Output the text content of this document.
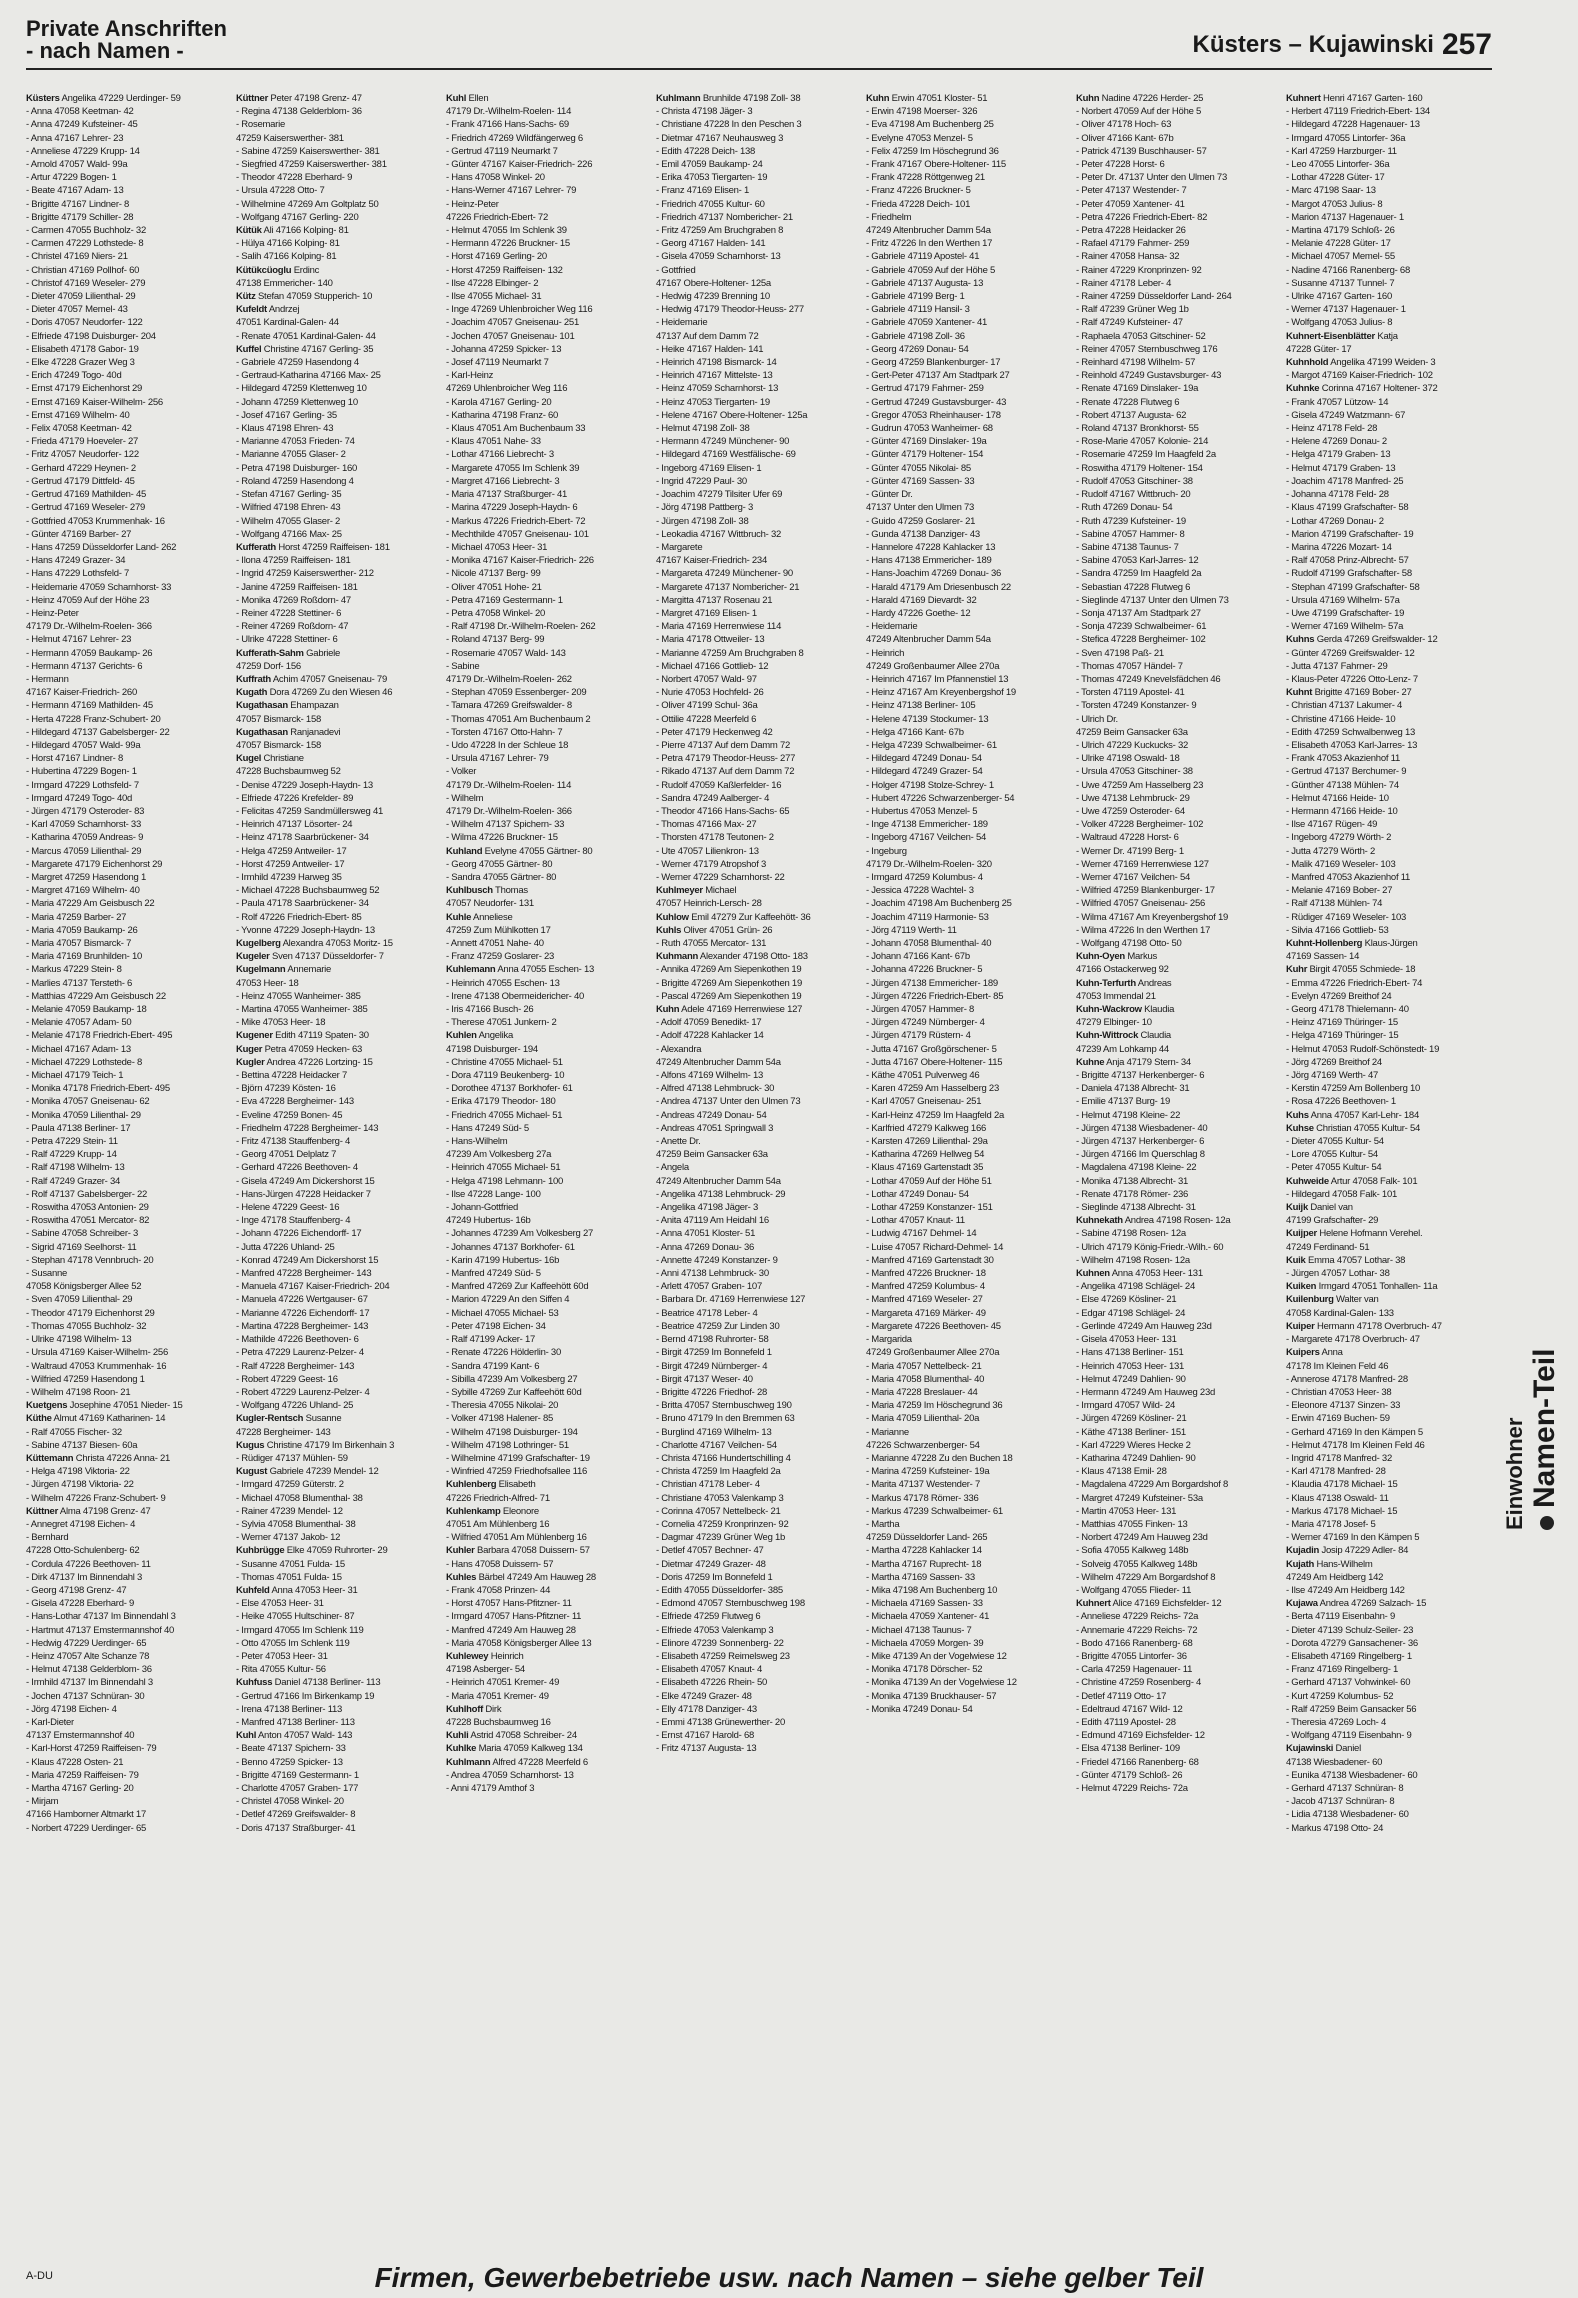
Private Anschriften
- nach Namen -	Küsters – Kujawinski 257
Küsters Angelika 47229 Uerdinger- 59
- Anna 47058 Keetman- 42
- Anna 47249 Kufsteiner- 45
- Anna 47167 Lehrer- 23
- Anneliese 47229 Krupp- 14
- Arnold 47057 Wald- 99a
- Artur 47229 Bogen- 1
- Beate 47167 Adam- 13
- Brigitte 47167 Lindner- 8
- Brigitte 47179 Schiller- 28
- Carmen 47055 Buchholz- 32
- Carmen 47229 Lothstede- 8
- Christel 47169 Niers- 21
- Christian 47169 Pollhof- 60
- Christof 47169 Weseler- 279
- Dieter 47059 Lilienthal- 29
- Dieter 47057 Memel- 43
- Doris 47057 Neudorfer- 122
- Elfriede 47198 Duisburger- 204
- Elisabeth 47178 Gabor- 19
- Elke 47228 Grazer Weg 3
- Erich 47249 Togo- 40d
- Ernst 47179 Eichenhorst 29
- Ernst 47169 Kaiser-Wilhelm- 256
- Ernst 47169 Wilhelm- 40
- Felix 47058 Keetman- 42
- Frieda 47179 Hoeveler- 27
- Fritz 47057 Neudorfer- 122
- Gerhard 47229 Heynen- 2
- Gertrud 47179 Dittfeld- 45
- Gertrud 47169 Mathilden- 45
- Gertrud 47169 Weseler- 279
- Gottfried 47053 Krummenhak- 16
- Günter 47169 Barber- 27
- Hans 47259 Düsseldorfer Land- 262
- Hans 47249 Grazer- 34
- Hans 47229 Lothsfeld- 7
- Heidemarie 47059 Scharnhorst- 33
- Heinz 47059 Auf der Höhe 23
- Heinz-Peter
47179 Dr.-Wilhelm-Roelen- 366
- Helmut 47167 Lehrer- 23
- Hermann 47059 Baukamp- 26
- Hermann 47137 Gerichts- 6
- Hermann
47167 Kaiser-Friedrich- 260
- Hermann 47169 Mathilden- 45
- Herta 47228 Franz-Schubert- 20
- Hildegard 47137 Gabelsberger- 22
- Hildegard 47057 Wald- 99a
- Horst 47167 Lindner- 8
- Hubertina 47229 Bogen- 1
- Irmgard 47229 Lothsfeld- 7
- Irmgard 47249 Togo- 40d
- Jürgen 47179 Osteroder- 83
- Karl 47059 Scharnhorst- 33
- Katharina 47059 Andreas- 9
- Marcus 47059 Lilienthal- 29
- Margarete 47179 Eichenhorst 29
- Margret 47259 Hasendong 1
- Margret 47169 Wilhelm- 40
- Maria 47229 Am Geisbusch 22
- Maria 47259 Barber- 27
- Maria 47059 Baukamp- 26
- Maria 47057 Bismarck- 7
- Maria 47169 Brunhilden- 10
- Markus 47229 Stein- 8
- Marlies 47137 Tersteth- 6
- Matthias 47229 Am Geisbusch 22
- Melanie 47059 Baukamp- 18
- Melanie 47057 Adam- 50
- Melanie 47178 Friedrich-Ebert- 495
- Michael 47167 Adam- 13
- Michael 47229 Lothstede- 8
- Michael 47179 Teich- 1
- Monika 47178 Friedrich-Ebert- 495
- Monika 47057 Gneisenau- 62
- Monika 47059 Lilienthal- 29
- Paula 47138 Berliner- 17
- Petra 47229 Stein- 11
- Ralf 47229 Krupp- 14
- Ralf 47198 Wilhelm- 13
- Ralf 47249 Grazer- 34
- Rolf 47137 Gabelsberger- 22
- Roswitha 47053 Antonien- 29
- Roswitha 47051 Mercator- 82
- Sabine 47058 Schreiber- 3
- Sigrid 47169 Seelhorst- 11
- Stephan 47178 Vennbruch- 20
- Susanne
47058 Königsberger Allee 52
- Sven 47059 Lilienthal- 29
- Theodor 47179 Eichenhorst 29
- Thomas 47055 Buchholz- 32
- Ulrike 47198 Wilhelm- 13
- Ursula 47169 Kaiser-Wilhelm- 256
- Waltraud 47053 Krummenhak- 16
- Wilfried 47259 Hasendong 1
- Wilhelm 47198 Roon- 21
Kuetgens Josephine 47051 Nieder- 15
Küthe Almut 47169 Katharinen- 14
- Ralf 47055 Fischer- 32
- Sabine 47137 Biesen- 60a
Küttemann Christa 47226 Anna- 21
- Helga 47198 Viktoria- 22
- Jürgen 47198 Viktoria- 22
- Wilhelm 47226 Franz-Schubert- 9
Küttner Alma 47198 Grenz- 47
- Annegret 47198 Eichen- 4
- Bernhard
47228 Otto-Schulenberg- 62
- Cordula 47226 Beethoven- 11
- Dirk 47137 Im Binnendahl 3
- Georg 47198 Grenz- 47
- Gisela 47228 Eberhard- 9
- Hans-Lothar 47137 Im Binnendahl 3
- Hartmut 47137 Emstermannshof 40
- Hedwig 47229 Uerdinger- 65
- Heinz 47057 Alte Schanze 78
- Helmut 47138 Gelderblom- 36
- Irmhild 47137 Im Binnendahl 3
- Jochen 47137 Schnüran- 30
- Jörg 47198 Eichen- 4
- Karl-Dieter
47137 Emstermannshof 40
- Karl-Horst 47259 Raiffeisen- 79
- Klaus 47228 Osten- 21
- Maria 47259 Raiffeisen- 79
- Martha 47167 Gerling- 20
- Mirjam
47166 Hamborner Altmarkt 17
- Norbert 47229 Uerdinger- 65
Küttner Peter 47198 Grenz- 47
- Regina 47138 Gelderblom- 36
- Rosemarie
47259 Kaiserswerther- 381
- Sabine 47259 Kaiserswerther- 381
- Siegfried 47259 Kaiserswerther- 381
- Theodor 47228 Eberhard- 9
- Ursula 47228 Otto- 7
- Wilhelmine 47269 Am Goltplatz 50
- Wolfgang 47167 Gerling- 220
Kütük Ali 47166 Kolping- 81
- Hülya 47166 Kolping- 81
- Salih 47166 Kolping- 81
Kütükcüoglu Erdinc
47138 Emmericher- 140
Kütz Stefan 47059 Stupperich- 10
Kufeldt Andrzej
47051 Kardinal-Galen- 44
- Renate 47051 Kardinal-Galen- 44
Kuffel Christine 47167 Gerling- 35
- Gabriele 47259 Hasendong 4
- Gertraud-Katharina 47166 Max- 25
- Hildegard 47259 Klettenweg 10
- Johann 47259 Klettenweg 10
- Josef 47167 Gerling- 35
- Klaus 47198 Ehren- 43
- Marianne 47053 Frieden- 74
- Marianne 47055 Glaser- 2
- Petra 47198 Duisburger- 160
- Roland 47259 Hasendong 4
- Stefan 47167 Gerling- 35
- Wilfried 47198 Ehren- 43
- Wilhelm 47055 Glaser- 2
- Wolfgang 47166 Max- 25
Kufferath Horst 47259 Raiffeisen- 181
- Ilona 47259 Raiffeisen- 181
- Ingrid 47259 Kaiserswerther- 212
- Janine 47259 Raiffeisen- 181
- Monika 47269 Roßdorn- 47
- Reiner 47228 Stettiner- 6
- Reiner 47269 Roßdorn- 47
- Ulrike 47228 Stettiner- 6
Kufferath-Sahm Gabriele
47259 Dorf- 156
Kuffrath Achim 47057 Gneisenau- 79
Kugath Dora 47269 Zu den Wiesen 46
Kugathasan Ehampazan
47057 Bismarck- 158
Kugathasan Ranjanadevi
47057 Bismarck- 158
Kugel Christiane
47228 Buchsbaumweg 52
- Denise 47229 Joseph-Haydn- 13
- Elfriede 47226 Krefelder- 89
- Felicitas 47259 Sandmüllersweg 41
- Heinrich 47137 Lösorter- 24
- Heinz 47178 Saarbrückener- 34
- Helga 47259 Antweiler- 17
- Horst 47259 Antweiler- 17
- Irmhild 47239 Harweg 35
- Michael 47228 Buchsbaumweg 52
- Paula 47178 Saarbrückener- 34
- Rolf 47226 Friedrich-Ebert- 85
- Yvonne 47229 Joseph-Haydn- 13
Kugelberg Alexandra 47053 Moritz- 15
Kugeler Sven 47137 Düsseldorfer- 7
Kugelmann Annemarie
47053 Heer- 18
- Heinz 47055 Wanheimer- 385
- Martina 47055 Wanheimer- 385
- Mike 47053 Heer- 18
Kugener Edith 47119 Spaten- 30
Kuger Petra 47059 Hecken- 63
Kugler Andrea 47226 Lortzing- 15
- Bettina 47228 Heidacker 7
- Björn 47239 Kösten- 16
- Eva 47228 Bergheimer- 143
- Eveline 47259 Bonen- 45
- Friedhelm 47228 Bergheimer- 143
- Fritz 47138 Stauffenberg- 4
- Georg 47051 Delplatz 7
- Gerhard 47226 Beethoven- 4
- Gisela 47249 Am Dickershorst 15
- Hans-Jürgen 47228 Heidacker 7
- Helene 47229 Geest- 16
- Inge 47178 Stauffenberg- 4
- Johann 47226 Eichendorff- 17
- Jutta 47226 Uhland- 25
- Konrad 47249 Am Dickershorst 15
- Manfred 47228 Bergheimer- 143
- Manuela 47167 Kaiser-Friedrich- 204
- Manuela 47226 Wertgauser- 67
- Marianne 47226 Eichendorff- 17
- Martina 47228 Bergheimer- 143
- Mathilde 47226 Beethoven- 6
- Petra 47229 Laurenz-Pelzer- 4
- Ralf 47228 Bergheimer- 143
- Robert 47229 Geest- 16
- Robert 47229 Laurenz-Pelzer- 4
- Wolfgang 47226 Uhland- 25
Kugler-Rentsch Susanne
47228 Bergheimer- 143
Kugus Christine 47179 Im Birkenhain 3
- Rüdiger 47137 Mühlen- 59
Kugust Gabriele 47239 Mendel- 12
- Irmgard 47259 Güterstr. 2
- Michael 47058 Blumenthal- 38
- Rainer 47239 Mendel- 12
- Sylvia 47058 Blumenthal- 38
- Werner 47137 Jakob- 12
Kuhbrügge Elke 47059 Ruhrorter- 29
- Susanne 47051 Fulda- 15
- Thomas 47051 Fulda- 15
Kuhfeld Anna 47053 Heer- 31
- Else 47053 Heer- 31
- Heike 47055 Hultschiner- 87
- Irmgard 47055 Im Schlenk 119
- Otto 47055 Im Schlenk 119
- Peter 47053 Heer- 31
- Rita 47055 Kultur- 56
Kuhfuss Daniel 47138 Berliner- 113
- Gertrud 47166 Im Birkenkamp 19
- Irena 47138 Berliner- 113
- Manfred 47138 Berliner- 113
Kuhl Anton 47057 Wald- 143
- Beate 47137 Spichern- 33
- Benno 47259 Spicker- 13
- Brigitte 47169 Gestermann- 1
- Charlotte 47057 Graben- 177
- Christel 47058 Winkel- 20
- Detlef 47269 Greifswalder- 8
- Doris 47137 Straßburger- 41
Kuhl Ellen
47179 Dr.-Wilhelm-Roelen- 114
- Frank 47166 Hans-Sachs- 69
- Friedrich 47269 Wildfängerweg 6
- Gertrud 47119 Neumarkt 7
- Günter 47167 Kaiser-Friedrich- 226
- Hans 47058 Winkel- 20
- Hans-Werner 47167 Lehrer- 79
- Heinz-Peter
47226 Friedrich-Ebert- 72
- Helmut 47055 Im Schlenk 39
- Hermann 47226 Bruckner- 15
- Horst 47169 Gerling- 20
- Horst 47259 Raiffeisen- 132
- Ilse 47228 Elbinger- 2
- Ilse 47055 Michael- 31
- Inge 47269 Uhlenbroicher Weg 116
- Joachim 47057 Gneisenau- 251
- Jochen 47057 Gneisenau- 101
- Johanna 47259 Spicker- 13
- Josef 47119 Neumarkt 7
- Karl-Heinz
47269 Uhlenbroicher Weg 116
- Karola 47167 Gerling- 20
- Katharina 47198 Franz- 60
- Klaus 47051 Am Buchenbaum 33
- Klaus 47051 Nahe- 33
- Lothar 47166 Liebrecht- 3
- Margarete 47055 Im Schlenk 39
- Margret 47166 Liebrecht- 3
- Maria 47137 Straßburger- 41
- Marina 47229 Joseph-Haydn- 6
- Markus 47226 Friedrich-Ebert- 72
- Mechthilde 47057 Gneisenau- 101
- Michael 47053 Heer- 31
- Monika 47167 Kaiser-Friedrich- 226
- Nicole 47137 Berg- 99
- Oliver 47051 Hohe- 21
- Petra 47169 Gestermann- 1
- Petra 47058 Winkel- 20
- Ralf 47198 Dr.-Wilhelm-Roelen- 262
- Roland 47137 Berg- 99
- Rosemarie 47057 Wald- 143
- Sabine
47179 Dr.-Wilhelm-Roelen- 262
- Stephan 47059 Essenberger- 209
- Tamara 47269 Greifswalder- 8
- Thomas 47051 Am Buchenbaum 2
- Torsten 47167 Otto-Hahn- 7
- Udo 47228 In der Schleue 18
- Ursula 47167 Lehrer- 79
- Volker
47179 Dr.-Wilhelm-Roelen- 114
- Wilhelm
47179 Dr.-Wilhelm-Roelen- 366
- Wilhelm 47137 Spichern- 33
- Wilma 47226 Bruckner- 15
Kuhland Evelyne 47055 Gärtner- 80
- Georg 47055 Gärtner- 80
- Sandra 47055 Gärtner- 80
Kuhlbusch Thomas
47057 Neudorfer- 131
Kuhle Anneliese
47259 Zum Mühlkotten 17
- Annett 47051 Nahe- 40
- Franz 47259 Goslarer- 23
Kuhlemann Anna 47055 Eschen- 13
- Heinrich 47055 Eschen- 13
- Irene 47138 Obermeidericher- 40
- Iris 47166 Busch- 26
- Therese 47051 Junkern- 2
Kuhlen Angelika
47198 Duisburger- 194
- Christine 47055 Michael- 51
- Dora 47119 Beukenberg- 10
- Dorothee 47137 Borkhofer- 61
- Erika 47179 Theodor- 180
- Friedrich 47055 Michael- 51
- Hans 47249 Süd- 5
- Hans-Wilhelm
47239 Am Volkesberg 27a
- Heinrich 47055 Michael- 51
- Helga 47198 Lehmann- 100
- Ilse 47228 Lange- 100
- Johann-Gottfried
47249 Hubertus- 16b
- Johannes 47239 Am Volkesberg 27
- Johannes 47137 Borkhofer- 61
- Karin 47199 Hubertus- 16b
- Manfred 47249 Süd- 5
- Manfred 47269 Zur Kaffeehött 60d
- Marion 47229 An den Siffen 4
- Michael 47055 Michael- 53
- Peter 47198 Eichen- 34
- Ralf 47199 Acker- 17
- Renate 47226 Hölderlin- 30
- Sandra 47199 Kant- 6
- Sibilla 47239 Am Volkesberg 27
- Sybille 47269 Zur Kaffeehött 60d
- Theresia 47055 Nikolai- 20
- Volker 47198 Halener- 85
- Wilhelm 47198 Duisburger- 194
- Wilhelm 47198 Lothringer- 51
- Wilhelmine 47199 Grafschafter- 19
- Winfried 47259 Friedhofsallee 116
Kuhlenberg Elisabeth
47226 Friedrich-Alfred- 71
Kuhlenkamp Eleonore
47051 Am Mühlenberg 16
- Wilfried 47051 Am Mühlenberg 16
Kuhler Barbara 47058 Duissern- 57
- Hans 47058 Duissern- 57
Kuhles Bärbel 47249 Am Hauweg 28
- Frank 47058 Prinzen- 44
- Horst 47057 Hans-Pfitzner- 11
- Irmgard 47057 Hans-Pfitzner- 11
- Manfred 47249 Am Hauweg 28
- Maria 47058 Königsberger Allee 13
Kuhlewey Heinrich
47198 Asberger- 54
- Heinrich 47051 Kremer- 49
- Maria 47051 Kremer- 49
Kuhlhoff Dirk
47228 Buchsbaumweg 16
Kuhli Astrid 47058 Schreiber- 24
Kuhlke Maria 47059 Kalkweg 134
Kuhlmann Alfred 47228 Meerfeld 6
- Andrea 47059 Scharnhorst- 13
- Anni 47179 Amthof 3
Kuhlmann Brunhilde 47198 Zoll- 38
- Christa 47198 Jäger- 3
- Christiane 47228 In den Peschen 3
- Dietmar 47167 Neuhausweg 3
- Edith 47228 Deich- 138
- Emil 47059 Baukamp- 24
- Erika 47053 Tiergarten- 19
- Franz 47169 Elisen- 1
- Friedrich 47055 Kultur- 60
- Friedrich 47137 Nombericher- 21
- Fritz 47259 Am Bruchgraben 8
- Georg 47167 Halden- 141
- Gisela 47059 Scharnhorst- 13
- Gottfried
47167 Obere-Holtener- 125a
- Hedwig 47239 Brenning 10
- Hedwig 47179 Theodor-Heuss- 277
- Heidemarie
47137 Auf dem Damm 72
- Heike 47167 Halden- 141
- Heinrich 47198 Bismarck- 14
- Heinrich 47167 Mittelste- 13
- Heinz 47059 Scharnhorst- 13
- Heinz 47053 Tiergarten- 19
- Helene 47167 Obere-Holtener- 125a
- Helmut 47198 Zoll- 38
- Hermann 47249 Münchener- 90
- Hildegard 47169 Westfälische- 69
- Ingeborg 47169 Elisen- 1
- Ingrid 47229 Paul- 30
- Joachim 47279 Tilsiter Ufer 69
- Jörg 47198 Pattberg- 3
- Jürgen 47198 Zoll- 38
- Leokadia 47167 Wittbruch- 32
- Margarete
47167 Kaiser-Friedrich- 234
- Margareta 47249 Münchener- 90
- Margarete 47137 Nombericher- 21
- Margitta 47137 Rosenau 21
- Margret 47169 Elisen- 1
- Maria 47169 Herrenwiese 114
- Maria 47178 Ottweiler- 13
- Marianne 47259 Am Bruchgraben 8
- Michael 47166 Gottlieb- 12
- Norbert 47057 Wald- 97
- Nurie 47053 Hochfeld- 26
- Oliver 47199 Schul- 36a
- Ottilie 47228 Meerfeld 6
- Peter 47179 Heckenweg 42
- Pierre 47137 Auf dem Damm 72
- Petra 47179 Theodor-Heuss- 277
- Rikado 47137 Auf dem Damm 72
- Rudolf 47059 Kaßlerfelder- 16
- Sandra 47249 Aalberger- 4
- Theodor 47166 Hans-Sachs- 65
- Thomas 47166 Max- 27
- Thorsten 47178 Teutonen- 2
- Ute 47057 Lilienkron- 13
- Werner 47179 Atropshof 3
- Werner 47229 Scharnhorst- 22
Kuhlmeyer Michael
47057 Heinrich-Lersch- 28
Kuhlow Emil 47279 Zur Kaffeehött- 36
Kuhls Oliver 47051 Grün- 26
- Ruth 47055 Mercator- 131
Kuhmann Alexander 47198 Otto- 183
- Annika 47269 Am Siepenkothen 19
- Brigitte 47269 Am Siepenkothen 19
- Pascal 47269 Am Siepenkothen 19
Kuhn Adele 47169 Herrenwiese 127
- Adolf 47059 Benedikt- 17
- Adolf 47228 Kahlacker 14
- Alexandra
47249 Altenbrucher Damm 54a
- Alfons 47169 Wilhelm- 13
- Alfred 47138 Lehmbruck- 30
- Andrea 47137 Unter den Ulmen 73
- Andreas 47249 Donau- 54
- Andreas 47051 Springwall 3
- Anette Dr.
47259 Beim Gansacker 63a
- Angela
47249 Altenbrucher Damm 54a
- Angelika 47138 Lehmbruck- 29
- Angelika 47198 Jäger- 3
- Anita 47119 Am Heidahl 16
- Anna 47051 Kloster- 51
- Anna 47269 Donau- 36
- Annette 47249 Konstanzer- 9
- Anni 47138 Lehmbruck- 30
- Arlett 47057 Graben- 107
- Barbara Dr. 47169 Herrenwiese 127
- Beatrice 47178 Leber- 4
- Beatrice 47259 Zur Linden 30
- Bernd 47198 Ruhrorter- 58
- Birgit 47259 Im Bonnefeld 1
- Birgit 47249 Nürnberger- 4
- Birgit 47137 Weser- 40
- Brigitte 47226 Friedhof- 28
- Britta 47057 Sternbuschweg 190
- Bruno 47179 In den Bremmen 63
- Burglind 47169 Wilhelm- 13
- Charlotte 47167 Veilchen- 54
- Christa 47166 Hundertschilling 4
- Christa 47259 Im Haagfeld 2a
- Christian 47178 Leber- 4
- Christiane 47053 Valenkamp 3
- Corinna 47057 Nettelbeck- 21
- Cornelia 47259 Kronprinzen- 92
- Dagmar 47239 Grüner Weg 1b
- Detlef 47057 Bechner- 47
- Dietmar 47249 Grazer- 48
- Doris 47259 Im Bonnefeld 1
- Edith 47055 Düsseldorfer- 385
- Edmond 47057 Sternbuschweg 198
- Elfriede 47259 Flutweg 6
- Elfriede 47053 Valenkamp 3
- Elinore 47239 Sonnenberg- 22
- Elisabeth 47259 Reimelsweg 23
- Elisabeth 47057 Knaut- 4
- Elisabeth 47226 Rhein- 50
- Elke 47249 Grazer- 48
- Elly 47178 Danziger- 43
- Emmi 47138 Grünewerther- 20
- Ernst 47167 Harold- 68
- Fritz 47137 Augusta- 13
Kuhn Erwin 47051 Kloster- 51
- Erwin 47198 Moerser- 326
- Eva 47198 Am Buchenberg 25
- Evelyne 47053 Menzel- 5
- Felix 47259 Im Höschegrund 36
- Frank 47167 Obere-Holtener- 115
- Frank 47228 Röttgenweg 21
- Franz 47226 Bruckner- 5
- Frieda 47228 Deich- 101
- Friedhelm
47249 Altenbrucher Damm 54a
- Fritz 47226 In den Werthen 17
- Gabriele 47119 Apostel- 41
- Gabriele 47059 Auf der Höhe 5
- Gabriele 47137 Augusta- 13
- Gabriele 47199 Berg- 1
- Gabriele 47119 Hansil- 3
- Gabriele 47059 Xantener- 41
- Gabriele 47198 Zoll- 36
- Georg 47269 Donau- 54
- Georg 47259 Blankenburger- 17
- Gert-Peter 47137 Am Stadtpark 27
- Gertrud 47179 Fahrner- 259
- Gertrud 47249 Gustavsburger- 43
- Gregor 47053 Rheinhauser- 178
- Gudrun 47053 Wanheimer- 68
- Günter 47169 Dinslaker- 19a
- Günter 47179 Holtener- 154
- Günter 47055 Nikolai- 85
- Günter 47169 Sassen- 33
- Günter Dr.
47137 Unter den Ulmen 73
- Guido 47259 Goslarer- 21
- Gunda 47138 Danziger- 43
- Hannelore 47228 Kahlacker 13
- Hans 47138 Emmericher- 189
- Hans-Joachim 47269 Donau- 36
- Harald 47179 Am Driesenbusch 22
- Harald 47169 Dievardt- 32
- Hardy 47226 Goethe- 12
- Heidemarie
47249 Altenbrucher Damm 54a
- Heinrich
47249 Großenbaumer Allee 270a
- Heinrich 47167 Im Pfannenstiel 13
- Heinz 47167 Am Kreyenbergshof 19
- Heinz 47138 Berliner- 105
- Helene 47139 Stockumer- 13
- Helga 47166 Kant- 67b
- Helga 47239 Schwalbeimer- 61
- Hildegard 47249 Donau- 54
- Hildegard 47249 Grazer- 54
- Holger 47198 Stolze-Schrey- 1
- Hubert 47226 Schwarzenberger- 54
- Hubertus 47053 Menzel- 5
- Inge 47138 Emmericher- 189
- Ingeborg 47167 Veilchen- 54
- Ingeburg
47179 Dr.-Wilhelm-Roelen- 320
- Irmgard 47259 Kolumbus- 4
- Jessica 47228 Wachtel- 3
- Joachim 47198 Am Buchenberg 25
- Joachim 47119 Harmonie- 53
- Jörg 47119 Werth- 11
- Johann 47058 Blumenthal- 40
- Johann 47166 Kant- 67b
- Johanna 47226 Bruckner- 5
- Jürgen 47138 Emmericher- 189
- Jürgen 47226 Friedrich-Ebert- 85
- Jürgen 47057 Hammer- 8
- Jürgen 47249 Nürnberger- 4
- Jürgen 47179 Rüstern- 4
- Jutta 47167 Großgörschener- 5
- Jutta 47167 Obere-Holtener- 115
- Käthe 47051 Pulverweg 46
- Karen 47259 Am Hasselberg 23
- Karl 47057 Gneisenau- 251
- Karl-Heinz 47259 Im Haagfeld 2a
- Karlfried 47279 Kalkweg 166
- Karsten 47269 Lilienthal- 29a
- Katharina 47269 Hellweg 54
- Klaus 47169 Gartenstadt 35
- Lothar 47059 Auf der Höhe 51
- Lothar 47249 Donau- 54
- Lothar 47259 Konstanzer- 151
- Lothar 47057 Knaut- 11
- Ludwig 47167 Dehmel- 14
- Luise 47057 Richard-Dehmel- 14
- Manfred 47169 Gartenstadt 30
- Manfred 47226 Bruckner- 18
- Manfred 47259 Kolumbus- 4
- Manfred 47169 Weseler- 27
- Margareta 47169 Märker- 49
- Margarete 47226 Beethoven- 45
- Margarida
47249 Großenbaumer Allee 270a
- Maria 47057 Nettelbeck- 21
- Maria 47058 Blumenthal- 40
- Maria 47228 Breslauer- 44
- Maria 47259 Im Höschegrund 36
- Maria 47059 Lilienthal- 20a
- Marianne
47226 Schwarzenberger- 54
- Marianne 47228 Zu den Buchen 18
- Marina 47259 Kufsteiner- 19a
- Marita 47137 Westender- 7
- Markus 47178 Römer- 336
- Markus 47239 Schwalbeimer- 61
- Martha
47259 Düsseldorfer Land- 265
- Martha 47228 Kahlacker 14
- Martha 47167 Ruprecht- 18
- Martha 47169 Sassen- 33
- Mika 47198 Am Buchenberg 10
- Michaela 47169 Sassen- 33
- Michaela 47059 Xantener- 41
- Michael 47138 Taunus- 7
- Michaela 47059 Morgen- 39
- Mike 47139 An der Vogelwiese 12
- Monika 47178 Dörscher- 52
- Monika 47139 An der Vogelwiese 12
- Monika 47139 Bruckhauser- 57
- Monika 47249 Donau- 54
Kuhn Nadine 47226 Herder- 25
- Norbert 47059 Auf der Höhe 5
- Oliver 47178 Hoch- 63
- Oliver 47166 Kant- 67b
- Patrick 47139 Buschhauser- 57
- Peter 47228 Horst- 6
- Peter Dr. 47137 Unter den Ulmen 73
- Peter 47137 Westender- 7
- Peter 47059 Xantener- 41
- Petra 47226 Friedrich-Ebert- 82
- Petra 47228 Heidacker 26
- Rafael 47179 Fahrner- 259
- Rainer 47058 Hansa- 32
- Rainer 47229 Kronprinzen- 92
- Rainer 47178 Leber- 4
- Rainer 47259 Düsseldorfer Land- 264
- Ralf 47239 Grüner Weg 1b
- Ralf 47249 Kufsteiner- 47
- Raphaela 47053 Gitschiner- 52
- Reiner 47057 Sternbuschweg 176
- Reinhard 47198 Wilhelm- 57
- Reinhold 47249 Gustavsburger- 43
- Renate 47169 Dinslaker- 19a
- Renate 47228 Flutweg 6
- Robert 47137 Augusta- 62
- Roland 47137 Bronkhorst- 55
- Rose-Marie 47057 Kolonie- 214
- Rosemarie 47259 Im Haagfeld 2a
- Roswitha 47179 Holtener- 154
- Rudolf 47053 Gitschiner- 38
- Rudolf 47167 Wittbruch- 20
- Ruth 47269 Donau- 54
- Ruth 47239 Kufsteiner- 19
- Sabine 47057 Hammer- 8
- Sabine 47138 Taunus- 7
- Sabine 47053 Karl-Jarres- 12
- Sandra 47259 Im Haagfeld 2a
- Sebastian 47228 Flutweg 6
- Sieglinde 47137 Unter den Ulmen 73
- Sonja 47137 Am Stadtpark 27
- Sonja 47239 Schwalbeimer- 61
- Stefica 47228 Bergheimer- 102
- Sven 47198 Paß- 21
- Thomas 47057 Händel- 7
- Thomas 47249 Knevelsfädchen 46
- Torsten 47119 Apostel- 41
- Torsten 47249 Konstanzer- 9
- Ulrich Dr.
47259 Beim Gansacker 63a
- Ulrich 47229 Kuckucks- 32
- Ulrike 47198 Oswald- 18
- Ursula 47053 Gitschiner- 38
- Uwe 47259 Am Hasselberg 23
- Uwe 47138 Lehmbruck- 29
- Uwe 47259 Osteroder- 64
- Volker 47228 Bergheimer- 102
- Waltraud 47228 Horst- 6
- Werner Dr. 47199 Berg- 1
- Werner 47169 Herrenwiese 127
- Werner 47167 Veilchen- 54
- Wilfried 47259 Blankenburger- 17
- Wilfried 47057 Gneisenau- 256
- Wilma 47167 Am Kreyenbergshof 19
- Wilma 47226 In den Werthen 17
- Wolfgang 47198 Otto- 50
Kuhn-Oyen Markus
47166 Ostackerweg 92
Kuhn-Terfurth Andreas
47053 Immendal 21
Kuhn-Wackrow Klaudia
47279 Elbinger- 10
Kuhn-Wittrock Claudia
47239 Am Lohkamp 44
Kuhne Anja 47179 Stern- 34
- Brigitte 47137 Herkenberger- 6
- Daniela 47138 Albrecht- 31
- Emilie 47137 Burg- 19
- Helmut 47198 Kleine- 22
- Jürgen 47138 Wiesbadener- 40
- Jürgen 47137 Herkenberger- 6
- Jürgen 47166 Im Querschlag 8
- Magdalena 47198 Kleine- 22
- Monika 47138 Albrecht- 31
- Renate 47178 Römer- 236
- Sieglinde 47138 Albrecht- 31
Kuhnekath Andrea 47198 Rosen- 12a
- Sabine 47198 Rosen- 12a
- Ulrich 47179 König-Friedr.-Wilh.- 60
- Wilhelm 47198 Rosen- 12a
Kuhnen Anna 47053 Heer- 131
- Angelika 47198 Schlägel- 24
- Else 47269 Kösliner- 21
- Edgar 47198 Schlägel- 24
- Gerlinde 47249 Am Hauweg 23d
- Gisela 47053 Heer- 131
- Hans 47138 Berliner- 151
- Heinrich 47053 Heer- 131
- Helmut 47249 Dahlien- 90
- Hermann 47249 Am Hauweg 23d
- Irmgard 47057 Wild- 24
- Jürgen 47269 Kösliner- 21
- Käthe 47138 Berliner- 151
- Karl 47229 Wieres Hecke 2
- Katharina 47249 Dahlien- 90
- Klaus 47138 Emil- 28
- Magdalena 47229 Am Borgardshof 8
- Margret 47249 Kufsteiner- 53a
- Martin 47053 Heer- 131
- Matthias 47055 Finken- 13
- Norbert 47249 Am Hauweg 23d
- Sofia 47055 Kalkweg 148b
- Solveig 47055 Kalkweg 148b
- Wilhelm 47229 Am Borgardshof 8
- Wolfgang 47055 Flieder- 11
Kuhnert Alice 47169 Eichsfelder- 12
- Anneliese 47229 Reichs- 72a
- Annemarie 47229 Reichs- 72
- Bodo 47166 Ranenberg- 68
- Brigitte 47055 Lintorfer- 36
- Carla 47259 Hagenauer- 11
- Christine 47259 Rosenberg- 4
- Detlef 47119 Otto- 17
- Edeltraud 47167 Wild- 12
- Edith 47119 Apostel- 28
- Edmund 47169 Eichsfelder- 12
- Elsa 47138 Berliner- 109
- Friedel 47166 Ranenberg- 68
- Günter 47179 Schloß- 26
- Helmut 47229 Reichs- 72a
Kuhnert Henri 47167 Garten- 160
- Herbert 47119 Friedrich-Ebert- 134
- Hildegard 47228 Hagenauer- 13
- Irmgard 47055 Lintorfer- 36a
- Karl 47259 Harzburger- 11
- Leo 47055 Lintorfer- 36a
- Lothar 47228 Güter- 17
- Marc 47198 Saar- 13
- Margot 47053 Julius- 8
- Marion 47137 Hagenauer- 1
- Martina 47179 Schloß- 26
- Melanie 47228 Güter- 17
- Michael 47057 Memel- 55
- Nadine 47166 Ranenberg- 68
- Susanne 47137 Tunnel- 7
- Ulrike 47167 Garten- 160
- Werner 47137 Hagenauer- 1
- Wolfgang 47053 Julius- 8
Kuhnert-Eisenblätter Katja
47228 Güter- 17
Kuhnhold Angelika 47199 Weiden- 3
- Margot 47169 Kaiser-Friedrich- 102
Kuhnke Corinna 47167 Holtener- 372
- Frank 47057 Lützow- 14
- Gisela 47249 Watzmann- 67
- Heinz 47178 Feld- 28
- Helene 47269 Donau- 2
- Helga 47179 Graben- 13
- Helmut 47179 Graben- 13
- Joachim 47178 Manfred- 25
- Johanna 47178 Feld- 28
- Klaus 47199 Grafschafter- 58
- Lothar 47269 Donau- 2
- Marion 47199 Grafschafter- 19
- Marina 47226 Mozart- 14
- Ralf 47058 Prinz-Albrecht- 57
- Rudolf 47199 Grafschafter- 58
- Stephan 47199 Grafschafter- 58
- Ursula 47169 Wilhelm- 57a
- Uwe 47199 Grafschafter- 19
- Werner 47169 Wilhelm- 57a
Kuhns Gerda 47269 Greifswalder- 12
- Günter 47269 Greifswalder- 12
- Jutta 47137 Fahrner- 29
- Klaus-Peter 47226 Otto-Lenz- 7
Kuhnt Brigitte 47169 Bober- 27
- Christian 47137 Lakumer- 4
- Christine 47166 Heide- 10
- Edith 47259 Schwalbenweg 13
- Elisabeth 47053 Karl-Jarres- 13
- Frank 47053 Akazienhof 11
- Gertrud 47137 Berchumer- 9
- Günther 47138 Mühlen- 74
- Helmut 47166 Heide- 10
- Hermann 47166 Heide- 10
- Ilse 47167 Rügen- 49
- Ingeborg 47279 Wörth- 2
- Jutta 47279 Wörth- 2
- Malik 47169 Weseler- 103
- Manfred 47053 Akazienhof 11
- Melanie 47169 Bober- 27
- Ralf 47138 Mühlen- 74
- Rüdiger 47169 Weseler- 103
- Silvia 47166 Gottlieb- 53
Kuhnt-Hollenberg Klaus-Jürgen
47169 Sassen- 14
Kuhr Birgit 47055 Schmiede- 18
- Emma 47226 Friedrich-Ebert- 74
- Evelyn 47269 Breithof 24
- Georg 47178 Thielemann- 40
- Heinz 47169 Thüringer- 15
- Helga 47169 Thüringer- 15
- Helmut 47053 Rudolf-Schönstedt- 19
- Jörg 47269 Breithof 24
- Jörg 47169 Werth- 47
- Kerstin 47259 Am Bollenberg 10
- Rosa 47226 Beethoven- 1
Kuhs Anna 47057 Karl-Lehr- 184
Kuhse Christian 47055 Kultur- 54
- Dieter 47055 Kultur- 54
- Lore 47055 Kultur- 54
- Peter 47055 Kultur- 54
Kuhweide Artur 47058 Falk- 101
- Hildegard 47058 Falk- 101
Kuijk Daniel van
47199 Grafschafter- 29
Kuijper Helene Hofmann Verehel.
47249 Ferdinand- 51
Kuik Emma 47057 Lothar- 38
- Jürgen 47057 Lothar- 38
Kuiken Irmgard 47051 Tonhallen- 11a
Kuilenburg Walter van
47058 Kardinal-Galen- 133
Kuiper Hermann 47178 Overbruch- 47
- Margarete 47178 Overbruch- 47
Kuipers Anna
47178 Im Kleinen Feld 46
- Annerose 47178 Manfred- 28
- Christian 47053 Heer- 38
- Eleonore 47137 Sinzen- 33
- Erwin 47169 Buchen- 59
- Gerhard 47169 In den Kämpen 5
- Helmut 47178 Im Kleinen Feld 46
- Ingrid 47178 Manfred- 32
- Karl 47178 Manfred- 28
- Klaudia 47178 Michael- 15
- Klaus 47138 Oswald- 11
- Markus 47178 Michael- 15
- Maria 47178 Josef- 5
- Werner 47169 In den Kämpen 5
Kujadin Josip 47229 Adler- 84
Kujath Hans-Wilhelm
47249 Am Heidberg 142
- Ilse 47249 Am Heidberg 142
Kujawa Andrea 47269 Salzach- 15
- Berta 47119 Eisenbahn- 9
- Dieter 47139 Schulz-Seiler- 23
- Dorota 47279 Gansachener- 36
- Elisabeth 47169 Ringelberg- 1
- Franz 47169 Ringelberg- 1
- Gerhard 47137 Vohwinkel- 60
- Kurt 47259 Kolumbus- 52
- Ralf 47259 Beim Gansacker 56
- Theresia 47269 Loch- 4
- Wolfgang 47119 Eisenbahn- 9
Kujawinski Daniel
47138 Wiesbadener- 60
- Eunika 47138 Wiesbadener- 60
- Gerhard 47137 Schnüran- 8
- Jacob 47137 Schnüran- 8
- Lidia 47138 Wiesbadener- 60
- Markus 47198 Otto- 24
Einwohner Namen-Teil
A-DU	Firmen, Gewerbebetriebe usw. nach Namen – siehe gelber Teil
